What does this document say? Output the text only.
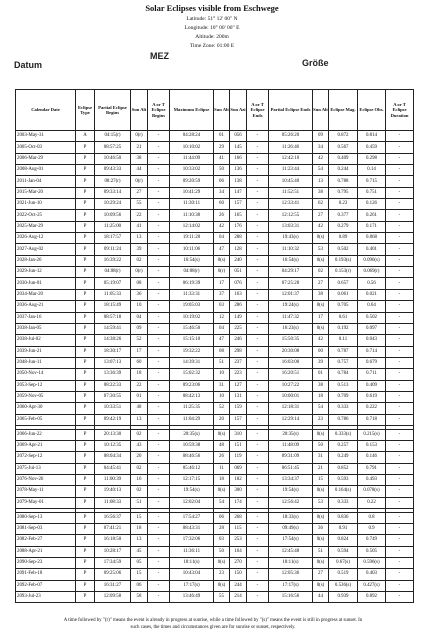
Solar Eclipses visible from Eschwege
Latitude: 51° 12' 00" N
Longitude: 10° 00' 00" E
Altitude: 200m
Time Zone: 01:00 E
Datum
MEZ
Größe
Calendar Date	Eclipse Type	Partial Eclipse Begins	Sun Alt	A or T Eclipse Begins	Maximum Eclipse	Sun Alt	Sun Azi	A or T Eclipse Ends	Partial Eclipse Ends	Sun Alt	Eclipse Mag.	Eclipse Obs.	A or T Eclipse Duration
2003-May-31	A	04:15(r)	0(r)	-	04:28:24	01	056	-	05:26:20	09	0.872	0.814	-
2005-Oct-03	P	08:57:25	21	-	10:10:02	29	145	-	11:26:46	34	0.567	0.459	-
2006-Mar-29	P	10:46:50	38	-	11:44:09	41	166	-	12:42:10	42	0.409	0.298	-
2008-Aug-01	P	09:43:33	44	-	10:33:02	50	136	-	11:23:44	54	0.244	0.14	-
2011-Jan-04	P	08:27(r)	0(r)	-	09:20:59	06	138	-	10:45:40	13	0.788	0.715	-
2015-Mar-20	P	09:33:14	27	-	10:41:29	34	147	-	11:52:51	38	0.795	0.751	-
2021-Jun-10	P	10:29:24	55	-	11:30:11	60	157	-	12:33:41	62	0.23	0.126	-
2022-Oct-25	P	10:09:56	22	-	11:10:38	26	165	-	12:12:55	27	0.377	0.261	-
2025-Mar-29	P	11:25:00	41	-	12:14:02	42	176	-	13:03:31	42	0.279	0.171	-
2026-Aug-12	P	18:17:57	13	-	19:11:28	04	288	-	19:43(s)	0(s)	0.89	0.868	-
2027-Aug-02	P	09:11:24	39	-	10:11:06	47	128	-	11:10:32	53	0.502	0.401	-
2028-Jan-26	P	16:39:22	02	-	16:54(s)	0(s)	240	-	16:54(s)	0(s)	0.193(s)	0.096(s)	-
2029-Jun-12	P	04:08(r)	0(r)	-	04:08(r)	0(r)	051	-	04:29:17	02	0.153(r)	0.069(r)	-
2030-Jun-01	P	05:19:07	08	-	06:19:39	17	076	-	07:25:28	27	0.657	0.56	-
2034-Mar-20	P	11:05:33	36	-	11:33:31	37	163	-	12:01:37	38	0.061	0.021	-
2036-Aug-21	P	18:15:49	10	-	19:05:03	03	286	-	19:24(s)	0(s)	0.705	0.64	-
2037-Jan-16	P	08:57:18	04	-	10:19:02	12	149	-	11:47:32	17	0.61	0.502	-
2038-Jan-05	P	14:59:41	09	-	15:46:50	04	225	-	16:23(s)	0(s)	0.192	0.097	-
2038-Jul-02	P	14:38:26	52	-	15:15:10	47	246	-	15:50:35	42	0.11	0.043	-
2039-Jun-21	P	18:30:17	17	-	19:32:22	08	298	-	20:30:08	00	0.787	0.714	-
2048-Jun-11	P	13:07:13	60	-	14:39:31	51	237	-	16:03:00	39	0.757	0.679	-
2050-Nov-14	P	13:36:39	18	-	15:02:32	10	223	-	16:20:51	01	0.784	0.711	-
2053-Sep-12	P	08:22:33	22	-	09:23:06	31	127	-	10:27:22	38	0.513	0.409	-
2059-Nov-05	P	07:30:55	01	-	08:42:13	10	131	-	10:00:01	18	0.709	0.619	-
2060-Apr-30	P	10:33:51	48	-	11:25:35	52	159	-	12:18:31	54	0.333	0.222	-
2065-Feb-05	P	09:42:19	13	-	11:04:29	20	157	-	12:29:14	23	0.786	0.718	-

2066-Jun-22	P	20:13:30	02	-	20:35(s)	0(s)	310	-	20:35(s)	0(s)	0.333(s)	0.215(s)	-
2069-Apr-21	P	10:12:35	43	-	10:59:38	48	151	-	11:48:09	50	0.257	0.153	-
2072-Sep-12	P	08:04:34	20	-	08:46:56	26	119	-	09:31:09	31	0.249	0.146	-
2075-Jul-13	P	04:45:41	02	-	05:46:12	11	069	-	06:51:45	21	0.852	0.791	-
2076-Nov-26	P	11:00:39	16	-	12:17:15	18	182	-	13:34:37	15	0.593	0.493	-
2078-May-11	P	19:40:13	02	-	19:54(s)	0(s)	300	-	19:54(s)	0(s)	0.164(s)	0.078(s)	-
2079-May-01	P	11:08:33	51	-	12:02:04	54	174	-	12:56:42	53	0.333	0.22	-

2080-Sep-13	P	16:56:37	15	-	17:54:27	06	268	-	18:33(s)	0(s)	0.836	0.8	-
2081-Sep-03	P	07:41:21	18	-	08:43:31	28	115	-	09:49(s)	36	0.91	0.9	-
2082-Feb-27	P	16:18:50	13	-	17:32:06	03	253	-	17:54(s)	0(s)	0.824	0.749	-
2088-Apr-21	P	10:28:17	45	-	11:36:11	50	164	-	12:45:48	51	0.594	0.505	-
2090-Sep-23	P	17:34:59	05	-	18:11(s)	0(s)	270	-	18:11(s)	0(s)	0.67(s)	0.596(s)	-
2091-Feb-18	P	09:25:06	15	-	10:43:04	23	150	-	12:05:36	27	0.519	0.403	-
2092-Feb-07	P	16:31:27	06	-	17:17(s)	0(s)	244	-	17:17(s)	0(s)	0.536(s)	0.427(s)	-
2093-Jul-23	P	12:09:58	58	-	13:46:49	55	214	-	15:16:56	44	0.939	0.892	-
A time followed by "(r)" means the event is already in progress at sunrise, while a time followed by "(s)" means the event is still in progress at sunset. In
such cases, the times and circumstances given are for sunrise or sunset, respectively.
